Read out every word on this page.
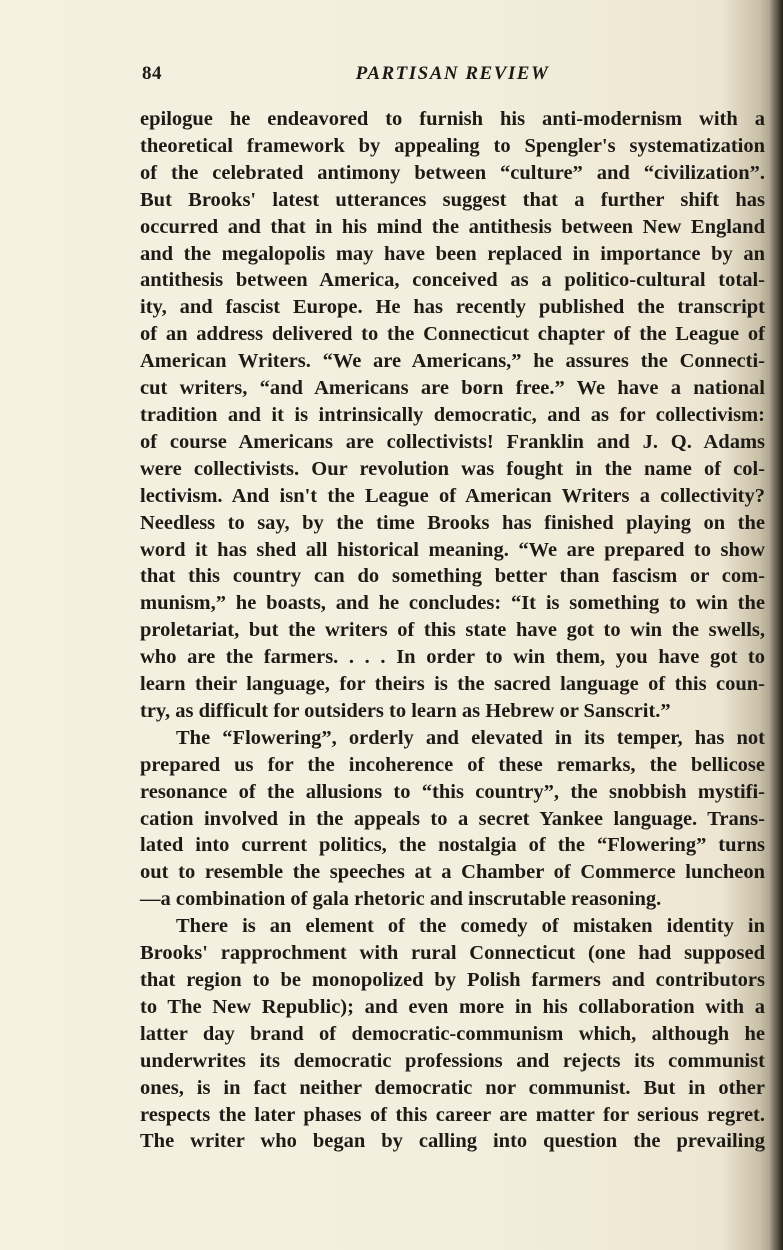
84	PARTISAN REVIEW
epilogue he endeavored to furnish his anti-modernism with a
theoretical framework by appealing to Spengler's systematization
of the celebrated antimony between “culture” and “civilization”.
But Brooks' latest utterances suggest that a further shift has
occurred and that in his mind the antithesis between New England
and the megalopolis may have been replaced in importance by an
antithesis between America, conceived as a politico-cultural total-
ity, and fascist Europe. He has recently published the transcript
of an address delivered to the Connecticut chapter of the League of
American Writers. “We are Americans,” he assures the Connecti-
cut writers, “and Americans are born free.” We have a national
tradition and it is intrinsically democratic, and as for collectivism:
of course Americans are collectivists! Franklin and J. Q. Adams
were collectivists. Our revolution was fought in the name of col-
lectivism. And isn't the League of American Writers a collectivity?
Needless to say, by the time Brooks has finished playing on the
word it has shed all historical meaning. “We are prepared to show
that this country can do something better than fascism or com-
munism,” he boasts, and he concludes: “It is something to win the
proletariat, but the writers of this state have got to win the swells,
who are the farmers. . . . In order to win them, you have got to
learn their language, for theirs is the sacred language of this coun-
try, as difficult for outsiders to learn as Hebrew or Sanscrit.”
The “Flowering”, orderly and elevated in its temper, has not
prepared us for the incoherence of these remarks, the bellicose
resonance of the allusions to “this country”, the snobbish mystifi-
cation involved in the appeals to a secret Yankee language. Trans-
lated into current politics, the nostalgia of the “Flowering” turns
out to resemble the speeches at a Chamber of Commerce luncheon
—a combination of gala rhetoric and inscrutable reasoning.
There is an element of the comedy of mistaken identity in
Brooks' rapprochment with rural Connecticut (one had supposed
that region to be monopolized by Polish farmers and contributors
to The New Republic); and even more in his collaboration with a
latter day brand of democratic-communism which, although he
underwrites its democratic professions and rejects its communist
ones, is in fact neither democratic nor communist. But in other
respects the later phases of this career are matter for serious regret.
The writer who began by calling into question the prevailing
